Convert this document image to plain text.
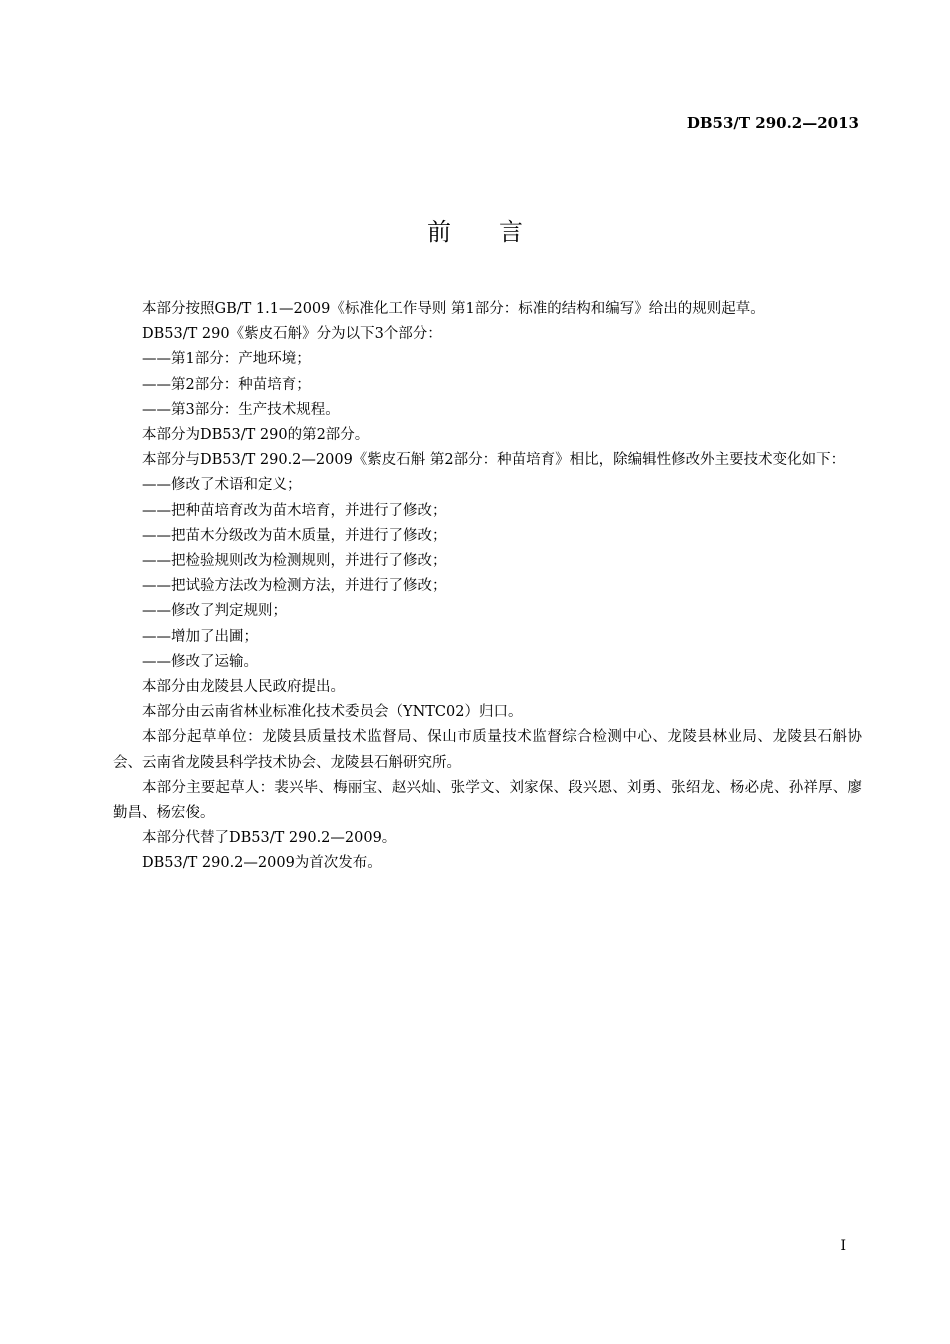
DB53/T 290.2—2013
前言

本部分按照GB/T 1.1—2009《标准化工作导则 第1部分：标准的结构和编写》给出的规则起草。

DB53/T 290《紫皮石斛》分为以下3个部分：

——第1部分：产地环境；

——第2部分：种苗培育；

——第3部分：生产技术规程。

本部分为DB53/T 290的第2部分。

本部分与DB53/T 290.2—2009《紫皮石斛 第2部分：种苗培育》相比，除编辑性修改外主要技术变化如下：

——修改了术语和定义；

——把种苗培育改为苗木培育，并进行了修改；

——把苗木分级改为苗木质量，并进行了修改；

——把检验规则改为检测规则，并进行了修改；

——把试验方法改为检测方法，并进行了修改；

——修改了判定规则；

——增加了出圃；

——修改了运输。

本部分由龙陵县人民政府提出。

本部分由云南省林业标准化技术委员会（YNTC02）归口。

本部分起草单位：龙陵县质量技术监督局、保山市质量技术监督综合检测中心、龙陵县林业局、龙陵县石斛协会、云南省龙陵县科学技术协会、龙陵县石斛研究所。

本部分主要起草人：裴兴毕、梅丽宝、赵兴灿、张学文、刘家保、段兴恩、刘勇、张绍龙、杨必虎、孙祥厚、廖勤昌、杨宏俊。

本部分代替了DB53/T 290.2—2009。

DB53/T 290.2—2009为首次发布。

I
